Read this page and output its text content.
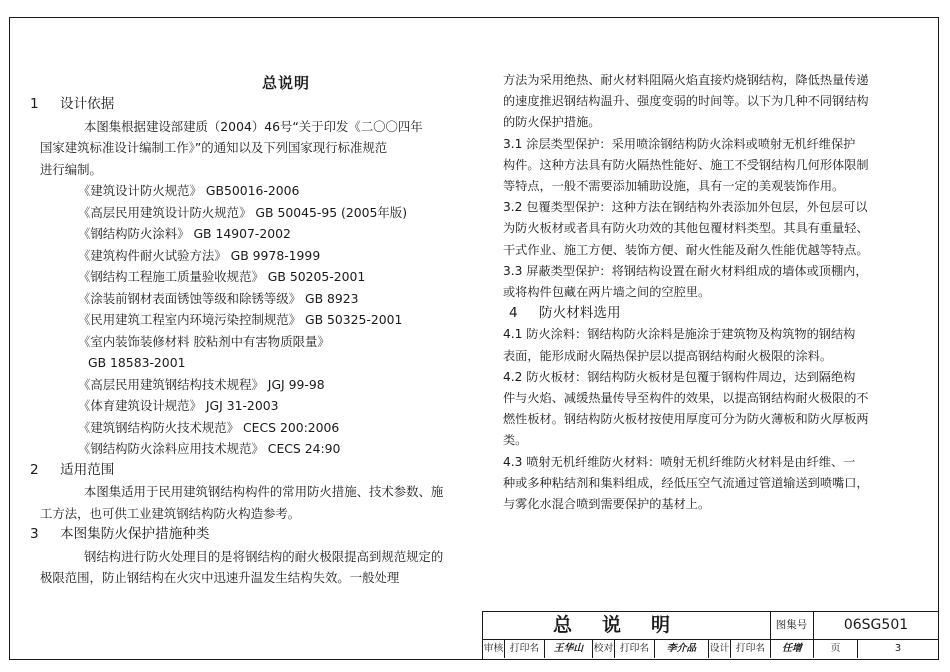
总说明
1 设计依据
本图集根据建设部建质（2004）46号“关于印发《二〇〇四年
国家建筑标准设计编制工作》”的通知以及下列国家现行标准规范
进行编制。
《建筑设计防火规范》 GB50016-2006
《高层民用建筑设计防火规范》 GB 50045-95 (2005年版)
《钢结构防火涂料》 GB 14907-2002
《建筑构件耐火试验方法》 GB 9978-1999
《钢结构工程施工质量验收规范》 GB 50205-2001
《涂装前钢材表面锈蚀等级和除锈等级》 GB 8923
《民用建筑工程室内环境污染控制规范》 GB 50325-2001
《室内装饰装修材料 胶粘剂中有害物质限量》
GB 18583-2001
《高层民用建筑钢结构技术规程》 JGJ 99-98
《体育建筑设计规范》 JGJ 31-2003
《建筑钢结构防火技术规范》 CECS 200:2006
《钢结构防火涂料应用技术规范》 CECS 24:90
2 适用范围
本图集适用于民用建筑钢结构构件的常用防火措施、技术参数、施
工方法，也可供工业建筑钢结构防火构造参考。
3 本图集防火保护措施种类
钢结构进行防火处理目的是将钢结构的耐火极限提高到规范规定的
极限范围，防止钢结构在火灾中迅速升温发生结构失效。一般处理
方法为采用绝热、耐火材料阻隔火焰直接灼烧钢结构，降低热量传递
的速度推迟钢结构温升、强度变弱的时间等。以下为几种不同钢结构
的防火保护措施。
3.1 涂层类型保护：采用喷涂钢结构防火涂料或喷射无机纤维保护
构件。这种方法具有防火隔热性能好、施工不受钢结构几何形体限制
等特点，一般不需要添加辅助设施，具有一定的美观装饰作用。
3.2 包覆类型保护：这种方法在钢结构外表添加外包层，外包层可以
为防火板材或者具有防火功效的其他包覆材料类型。其具有重量轻、
干式作业、施工方便、装饰方便、耐火性能及耐久性能优越等特点。
3.3 屏蔽类型保护：将钢结构设置在耐火材料组成的墙体或顶棚内，
或将构件包藏在两片墙之间的空腔里。
4 防火材料选用
4.1 防火涂料：钢结构防火涂料是施涂于建筑物及构筑物的钢结构
表面，能形成耐火隔热保护层以提高钢结构耐火极限的涂料。
4.2 防火板材：钢结构防火板材是包覆于钢构件周边，达到隔绝构
件与火焰、减缓热量传导至构件的效果，以提高钢结构耐火极限的不
燃性板材。钢结构防火板材按使用厚度可分为防火薄板和防火厚板两
类。
4.3 喷射无机纤维防火材料：喷射无机纤维防火材料是由纤维、一
种或多种粘结剂和集料组成，经低压空气流通过管道输送到喷嘴口，
与雾化水混合喷到需要保护的基材上。
总说明	图集号	06SG501
审核 打印名	王华山	校对 打印名	李介品	设计 打印名	任增	页	3
